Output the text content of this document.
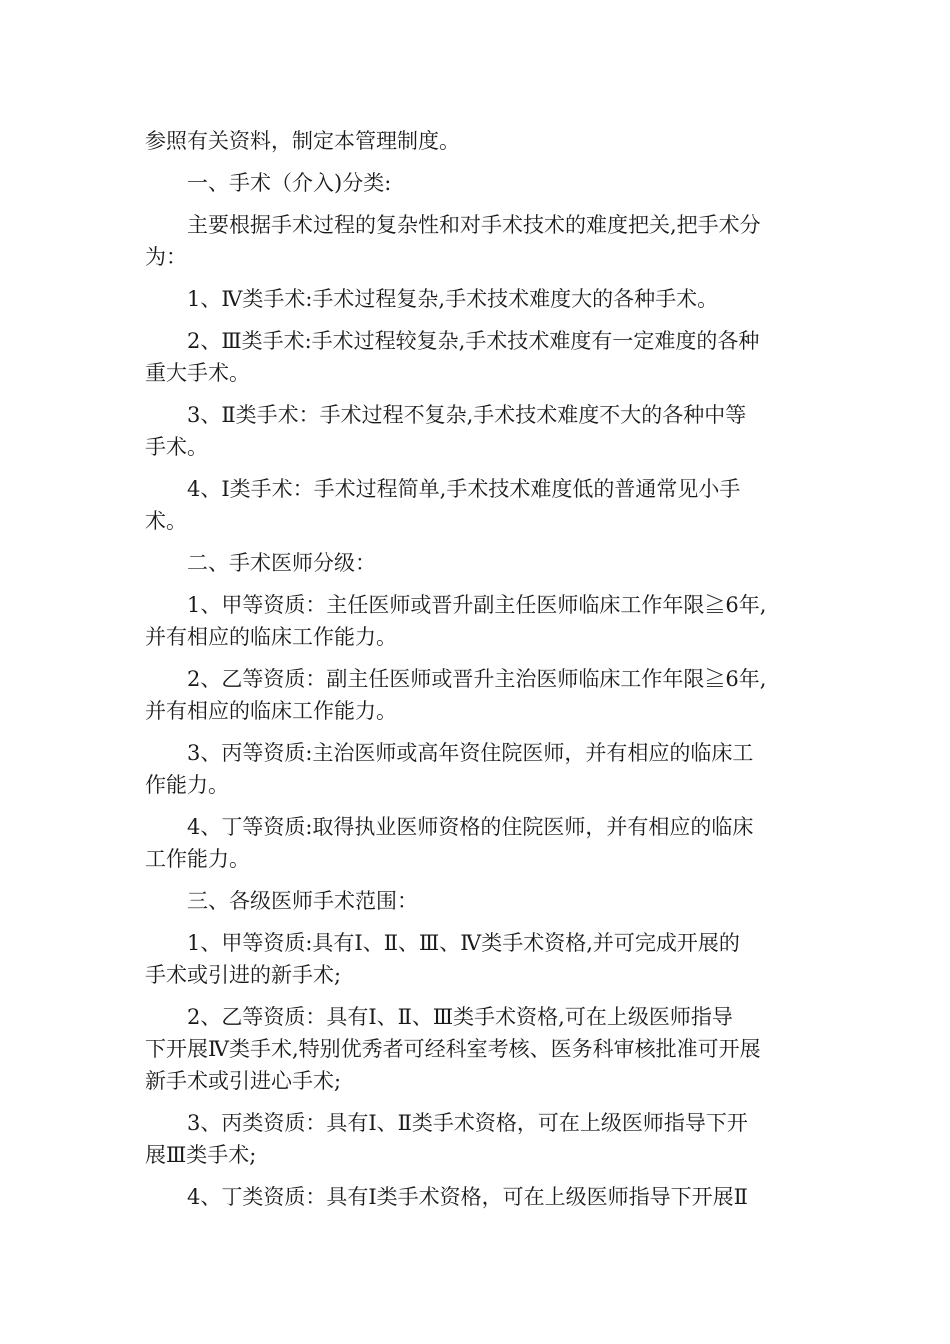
参照有关资料，制定本管理制度。
一、手术（介入)分类:
主要根据手术过程的复杂性和对手术技术的难度把关,把手术分
为：
1、Ⅳ类手术:手术过程复杂,手术技术难度大的各种手术。
2、Ⅲ类手术:手术过程较复杂,手术技术难度有一定难度的各种
重大手术。
3、Ⅱ类手术：手术过程不复杂,手术技术难度不大的各种中等
手术。
4、Ⅰ类手术：手术过程简单,手术技术难度低的普通常见小手
术。
二、手术医师分级：
1、甲等资质：主任医师或晋升副主任医师临床工作年限≧6年,
并有相应的临床工作能力。
2、乙等资质：副主任医师或晋升主治医师临床工作年限≧6年,
并有相应的临床工作能力。
3、丙等资质:主治医师或高年资住院医师，并有相应的临床工
作能力。
4、丁等资质:取得执业医师资格的住院医师，并有相应的临床
工作能力。
三、各级医师手术范围：
1、甲等资质:具有Ⅰ、Ⅱ、Ⅲ、Ⅳ类手术资格,并可完成开展的
手术或引进的新手术;
2、乙等资质：具有Ⅰ、Ⅱ、Ⅲ类手术资格,可在上级医师指导
下开展Ⅳ类手术,特别优秀者可经科室考核、医务科审核批准可开展
新手术或引进心手术;
3、丙类资质：具有Ⅰ、Ⅱ类手术资格，可在上级医师指导下开
展Ⅲ类手术;
4、丁类资质：具有Ⅰ类手术资格，可在上级医师指导下开展Ⅱ
